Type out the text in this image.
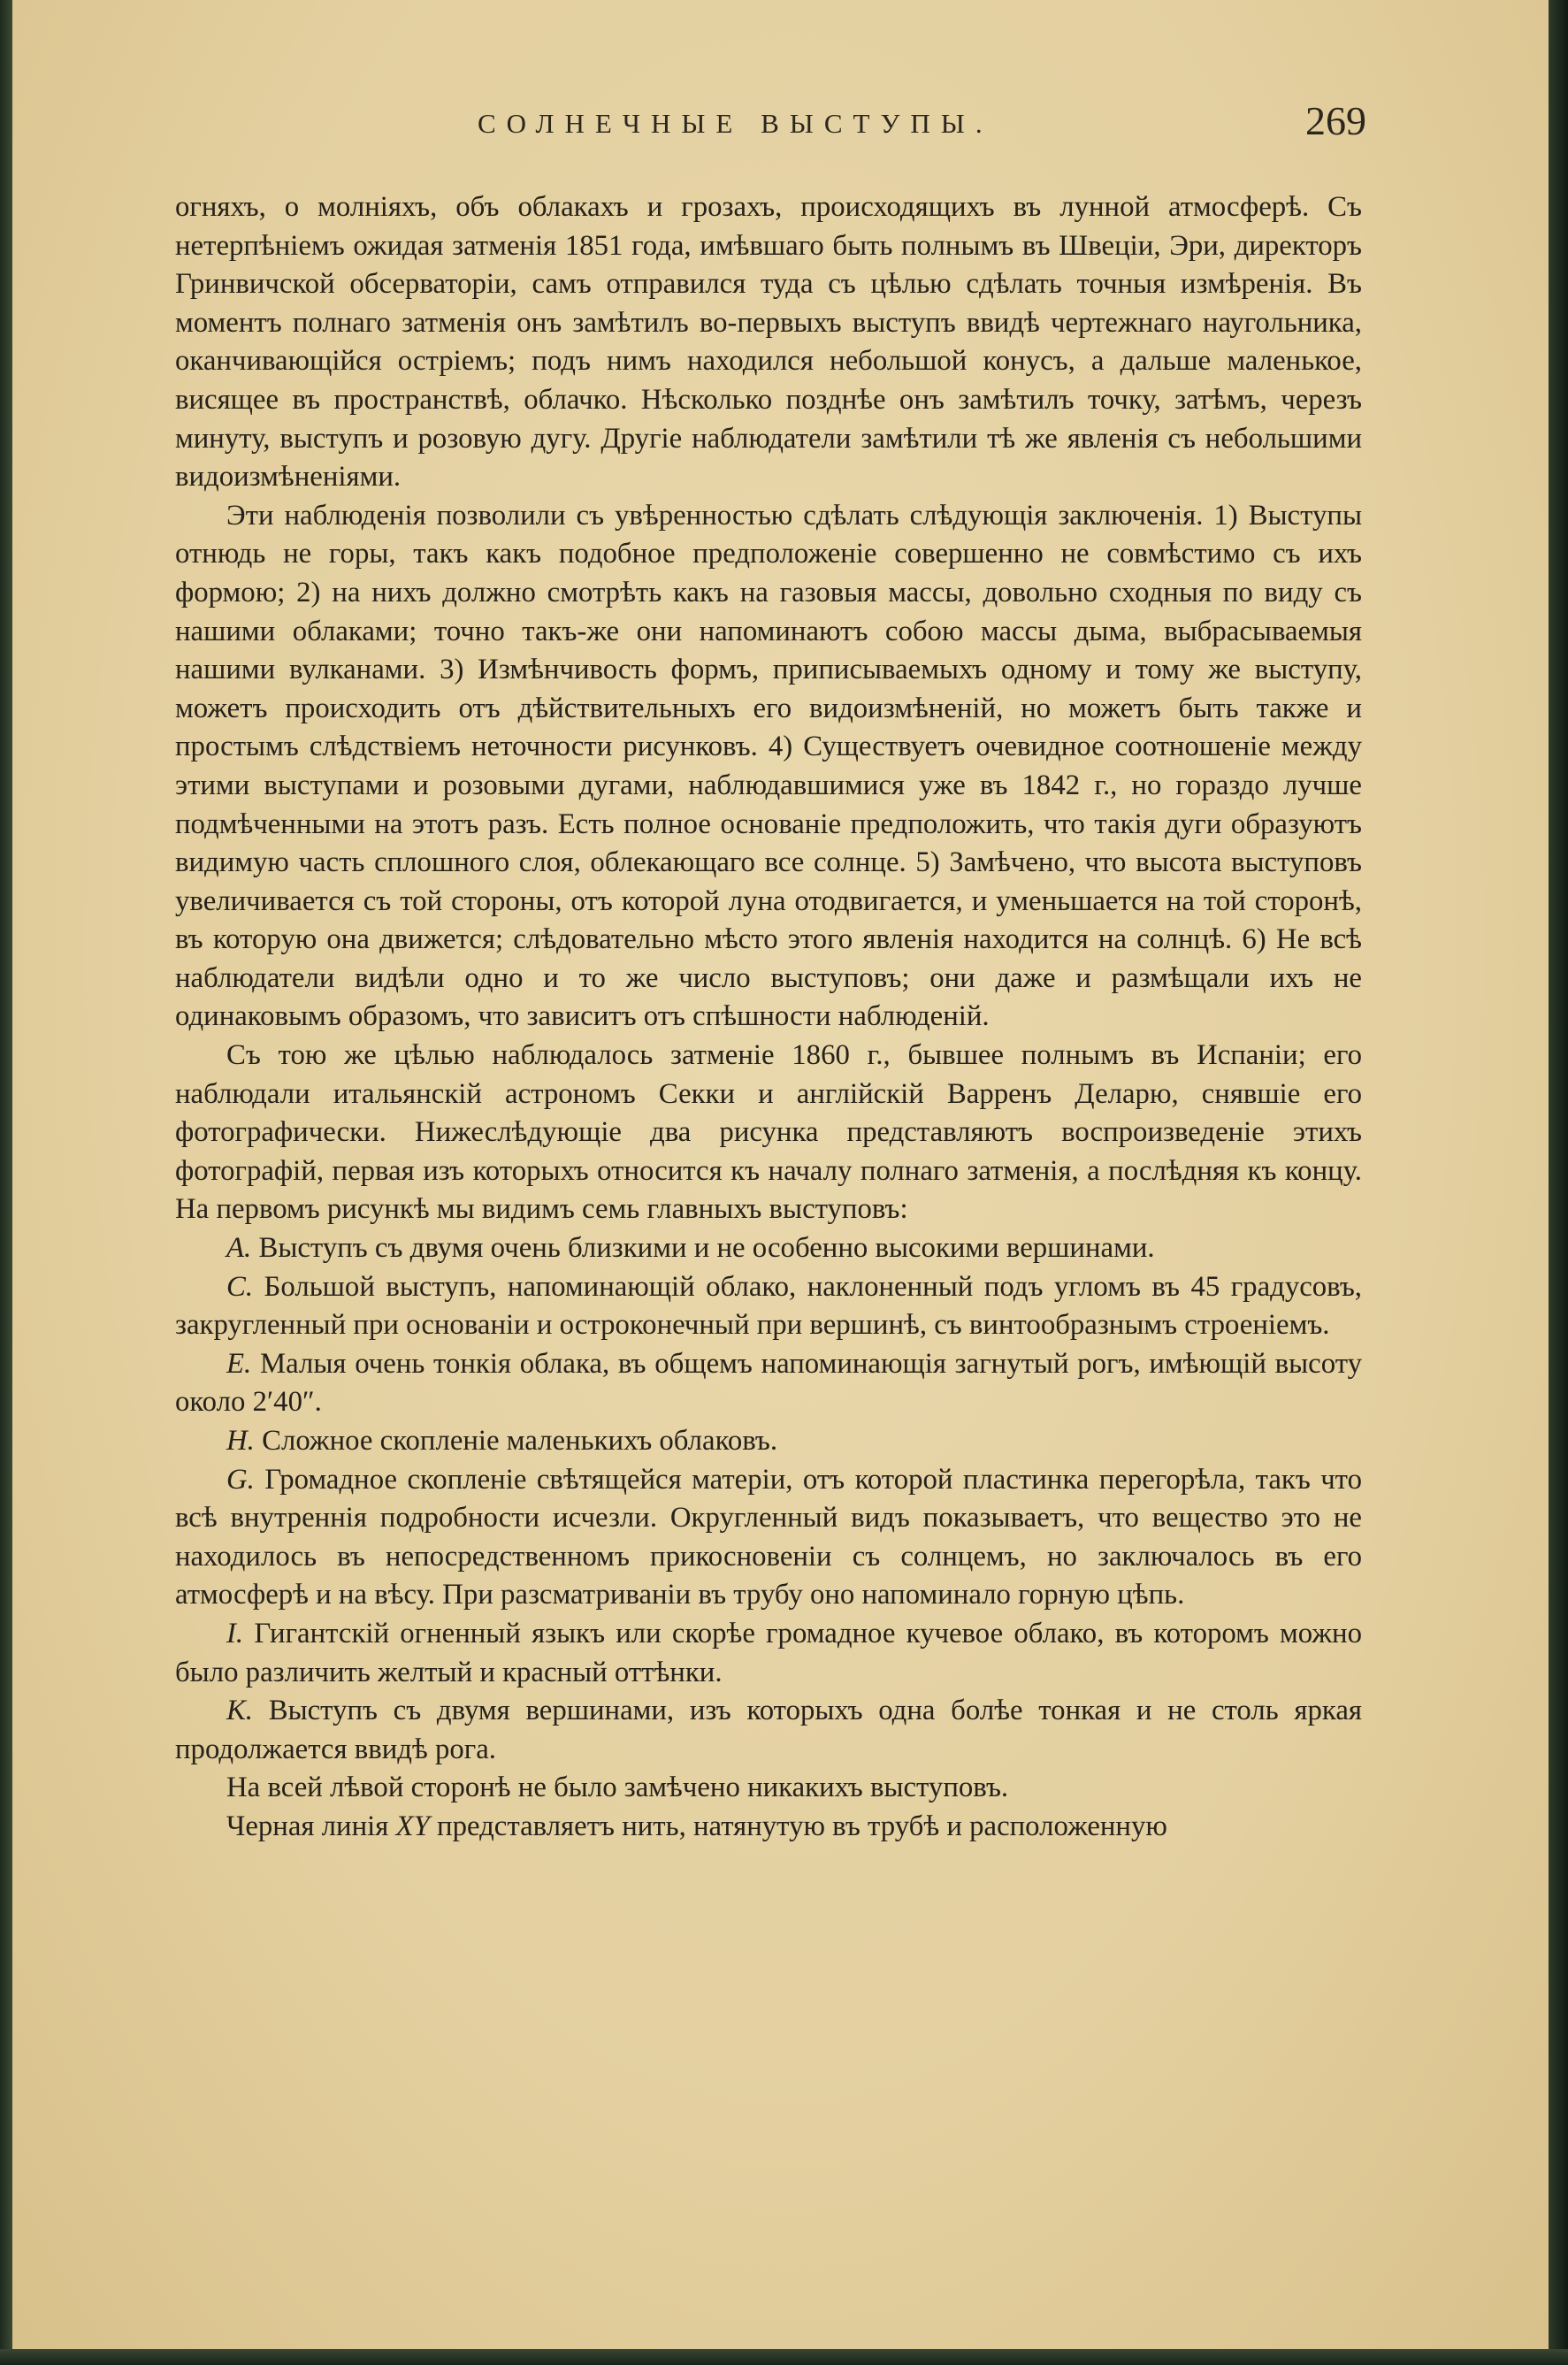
СОЛНЕЧНЫЕ ВЫСТУПЫ.	269

огняхъ, о молніяхъ, объ облакахъ и грозахъ, происходящихъ въ лунной атмосферѣ. Съ нетерпѣніемъ ожидая затменія 1851 года, имѣвшаго быть полнымъ въ Швеціи, Эри, директоръ Гринвичской обсерваторіи, самъ отправился туда съ цѣлью сдѣлать точныя измѣренія. Въ моментъ полнаго затменія онъ замѣтилъ во-первыхъ выступъ ввидѣ чертежнаго наугольника, оканчивающійся остріемъ; подъ нимъ находился небольшой конусъ, а дальше маленькое, висящее въ пространствѣ, облачко. Нѣсколько позднѣе онъ замѣтилъ точку, затѣмъ, черезъ минуту, выступъ и розовую дугу. Другіе наблюдатели замѣтили тѣ же явленія съ небольшими видоизмѣненіями.

Эти наблюденія позволили съ увѣренностью сдѣлать слѣдующія заключенія. 1) Выступы отнюдь не горы, такъ какъ подобное предположеніе совершенно не совмѣстимо съ ихъ формою; 2) на нихъ должно смотрѣть какъ на газовыя массы, довольно сходныя по виду съ нашими облаками; точно такъ-же они напоминаютъ собою массы дыма, выбрасываемыя нашими вулканами. 3) Измѣнчивость формъ, приписываемыхъ одному и тому же выступу, можетъ происходить отъ дѣйствительныхъ его видоизмѣненій, но можетъ быть также и простымъ слѣдствіемъ неточности рисунковъ. 4) Существуетъ очевидное соотношеніе между этими выступами и розовыми дугами, наблюдавшимися уже въ 1842 г., но гораздо лучше подмѣченными на этотъ разъ. Есть полное основаніе предположить, что такія дуги образуютъ видимую часть сплошного слоя, облекающаго все солнце. 5) Замѣчено, что высота выступовъ увеличивается съ той стороны, отъ которой луна отодвигается, и уменьшается на той сторонѣ, въ которую она движется; слѣдовательно мѣсто этого явленія находится на солнцѣ. 6) Не всѣ наблюдатели видѣли одно и то же число выступовъ; они даже и размѣщали ихъ не одинаковымъ образомъ, что зависитъ отъ спѣшности наблюденій.

Съ тою же цѣлью наблюдалось затменіе 1860 г., бывшее полнымъ въ Испаніи; его наблюдали итальянскій астрономъ Секки и англійскій Варренъ Деларю, снявшіе его фотографически. Нижеслѣдующіе два рисунка представляютъ воспроизведеніе этихъ фотографій, первая изъ которыхъ относится къ началу полнаго затменія, а послѣдняя къ концу. На первомъ рисункѣ мы видимъ семь главныхъ выступовъ:

А. Выступъ съ двумя очень близкими и не особенно высокими вершинами.

С. Большой выступъ, напоминающій облако, наклоненный подъ угломъ въ 45 градусовъ, закругленный при основаніи и остроконечный при вершинѣ, съ винтообразнымъ строеніемъ.

Е. Малыя очень тонкія облака, въ общемъ напоминающія загнутый рогъ, имѣющій высоту около 2′40″.

Н. Сложное скопленіе маленькихъ облаковъ.

G. Громадное скопленіе свѣтящейся матеріи, отъ которой пластинка перегорѣла, такъ что всѣ внутреннія подробности исчезли. Округленный видъ показываетъ, что вещество это не находилось въ непосредственномъ прикосновеніи съ солнцемъ, но заключалось въ его атмосферѣ и на вѣсу. При разсматриваніи въ трубу оно напоминало горную цѣпь.

I. Гигантскій огненный языкъ или скорѣе громадное кучевое облако, въ которомъ можно было различить желтый и красный оттѣнки.

К. Выступъ съ двумя вершинами, изъ которыхъ одна болѣе тонкая и не столь яркая продолжается ввидѣ рога.

На всей лѣвой сторонѣ не было замѣчено никакихъ выступовъ.

Черная линія XY представляетъ нить, натянутую въ трубѣ и расположенную
